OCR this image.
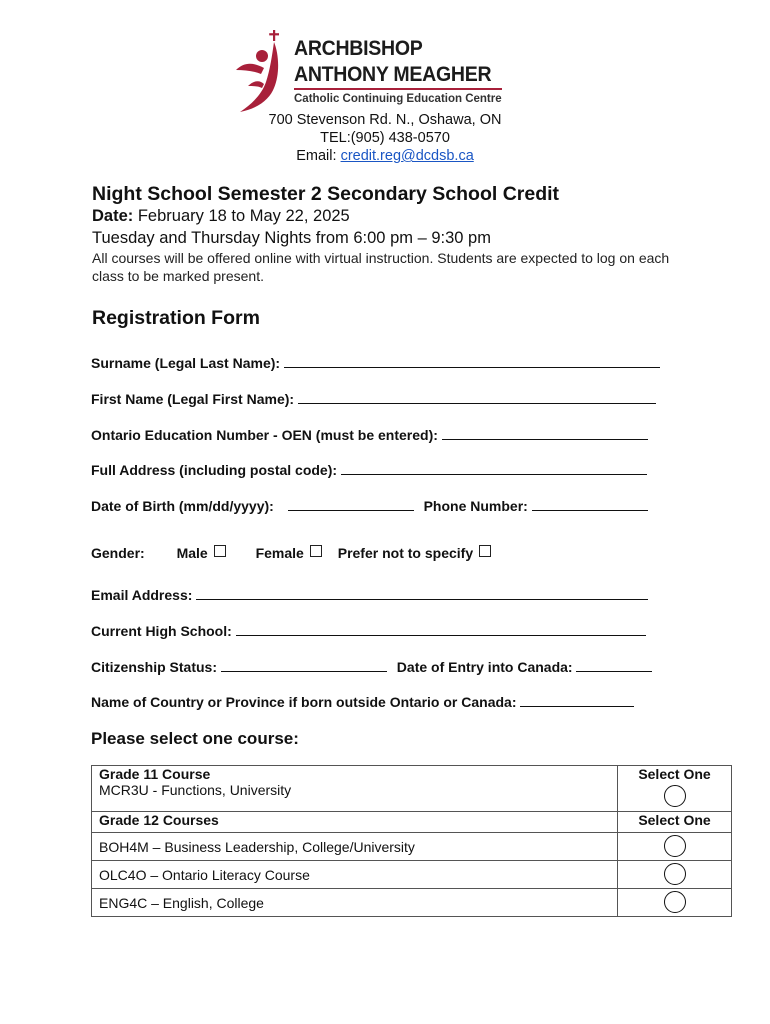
ARCHBISHOP
ANTHONY MEAGHER
Catholic Continuing Education Centre
700 Stevenson Rd. N., Oshawa, ON
TEL:(905) 438-0570
Email: credit.reg@dcdsb.ca
Night School Semester 2 Secondary School Credit
Date: February 18 to May 22, 2025
Tuesday and Thursday Nights from 6:00 pm – 9:30 pm
All courses will be offered online with virtual instruction. Students are expected to log on each class to be marked present.
Registration Form
Surname (Legal Last Name):
First Name (Legal First Name):
Ontario Education Number - OEN (must be entered):
Full Address (including postal code):
Date of Birth (mm/dd/yyyy):	Phone Number:
Gender: Male	Female Prefer not to specify
Email Address:
Current High School:
Citizenship Status:	Date of Entry into Canada:
Name of Country or Province if born outside Ontario or Canada:
Please select one course:
Grade 11 Course
MCR3U - Functions, University	Select One

Grade 12 Courses	Select One

BOH4M – Business Leadership, College/University	
OLC4O – Ontario Literacy Course	
ENG4C – English, College	
